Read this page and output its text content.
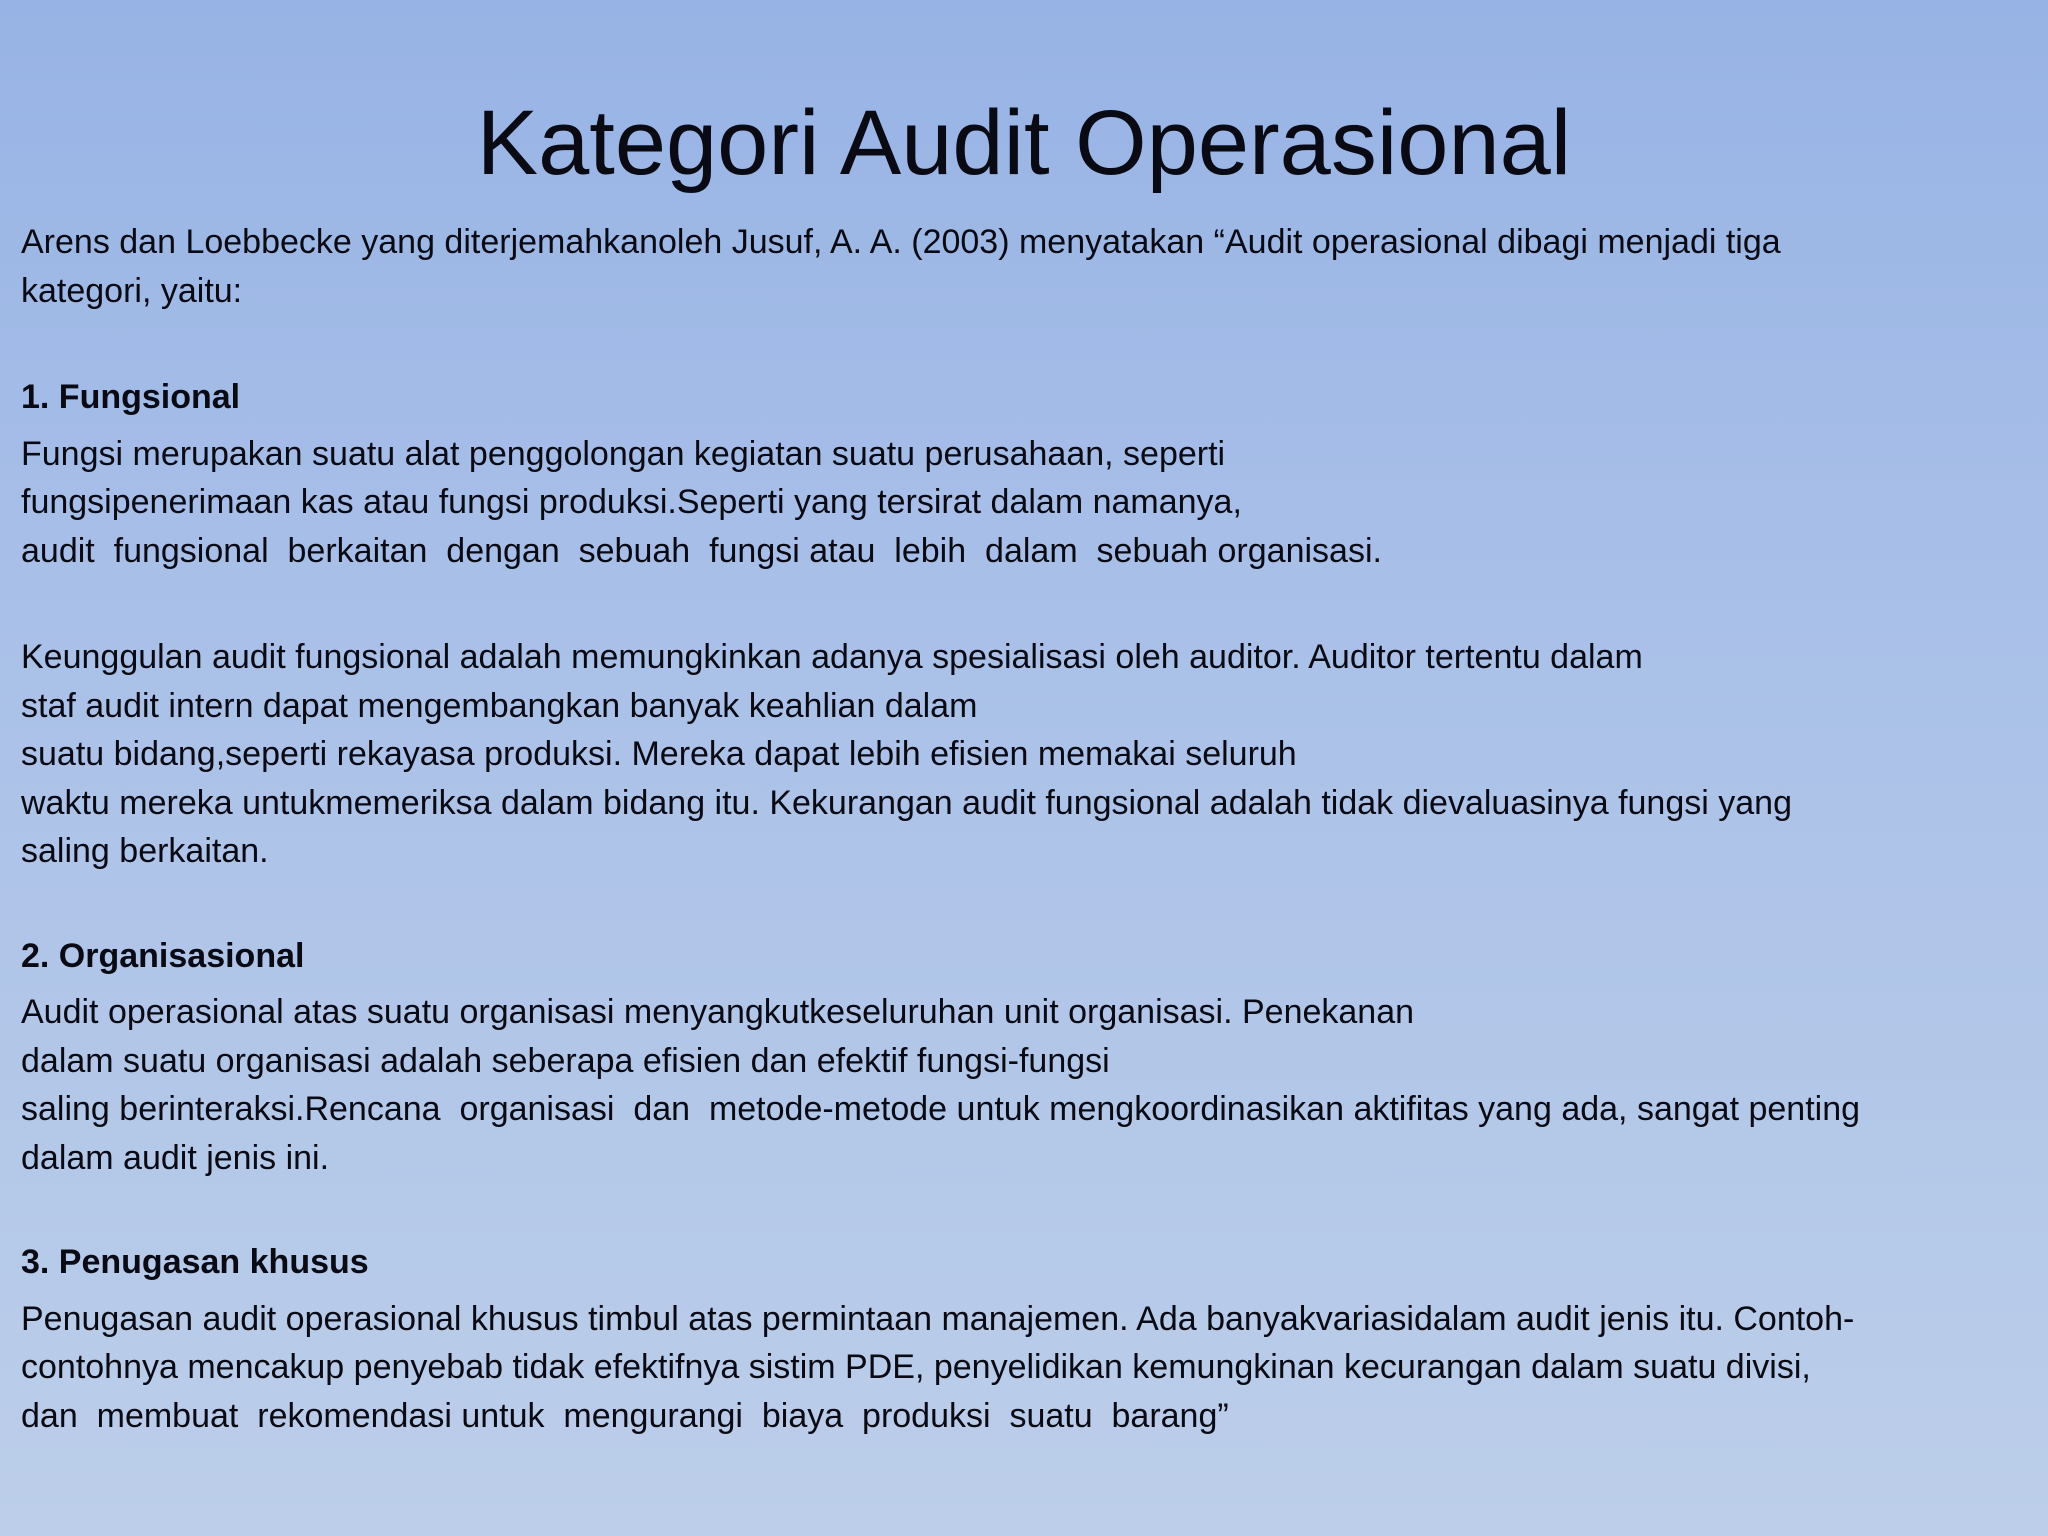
Kategori Audit Operasional

Arens dan Loebbecke yang diterjemahkanoleh Jusuf, A. A. (2003) menyatakan “Audit operasional dibagi menjadi tiga
kategori, yaitu:

1. Fungsional

Fungsi merupakan suatu alat penggolongan kegiatan suatu perusahaan, seperti
fungsipenerimaan kas atau fungsi produksi.Seperti yang tersirat dalam namanya,
audit  fungsional  berkaitan  dengan  sebuah  fungsi atau  lebih  dalam  sebuah organisasi.

Keunggulan audit fungsional adalah memungkinkan adanya spesialisasi oleh auditor. Auditor tertentu dalam
staf audit intern dapat mengembangkan banyak keahlian dalam
suatu bidang,seperti rekayasa produksi. Mereka dapat lebih efisien memakai seluruh
waktu mereka untukmemeriksa dalam bidang itu. Kekurangan audit fungsional adalah tidak dievaluasinya fungsi yang
saling berkaitan.

2. Organisasional

Audit operasional atas suatu organisasi menyangkutkeseluruhan unit organisasi. Penekanan
dalam suatu organisasi adalah seberapa efisien dan efektif fungsi-fungsi
saling berinteraksi.Rencana  organisasi  dan  metode-metode untuk mengkoordinasikan aktifitas yang ada, sangat penting
dalam audit jenis ini.

3. Penugasan khusus

Penugasan audit operasional khusus timbul atas permintaan manajemen. Ada banyakvariasidalam audit jenis itu. Contoh-
contohnya mencakup penyebab tidak efektifnya sistim PDE, penyelidikan kemungkinan kecurangan dalam suatu divisi,
dan  membuat  rekomendasi untuk  mengurangi  biaya  produksi  suatu  barang”
